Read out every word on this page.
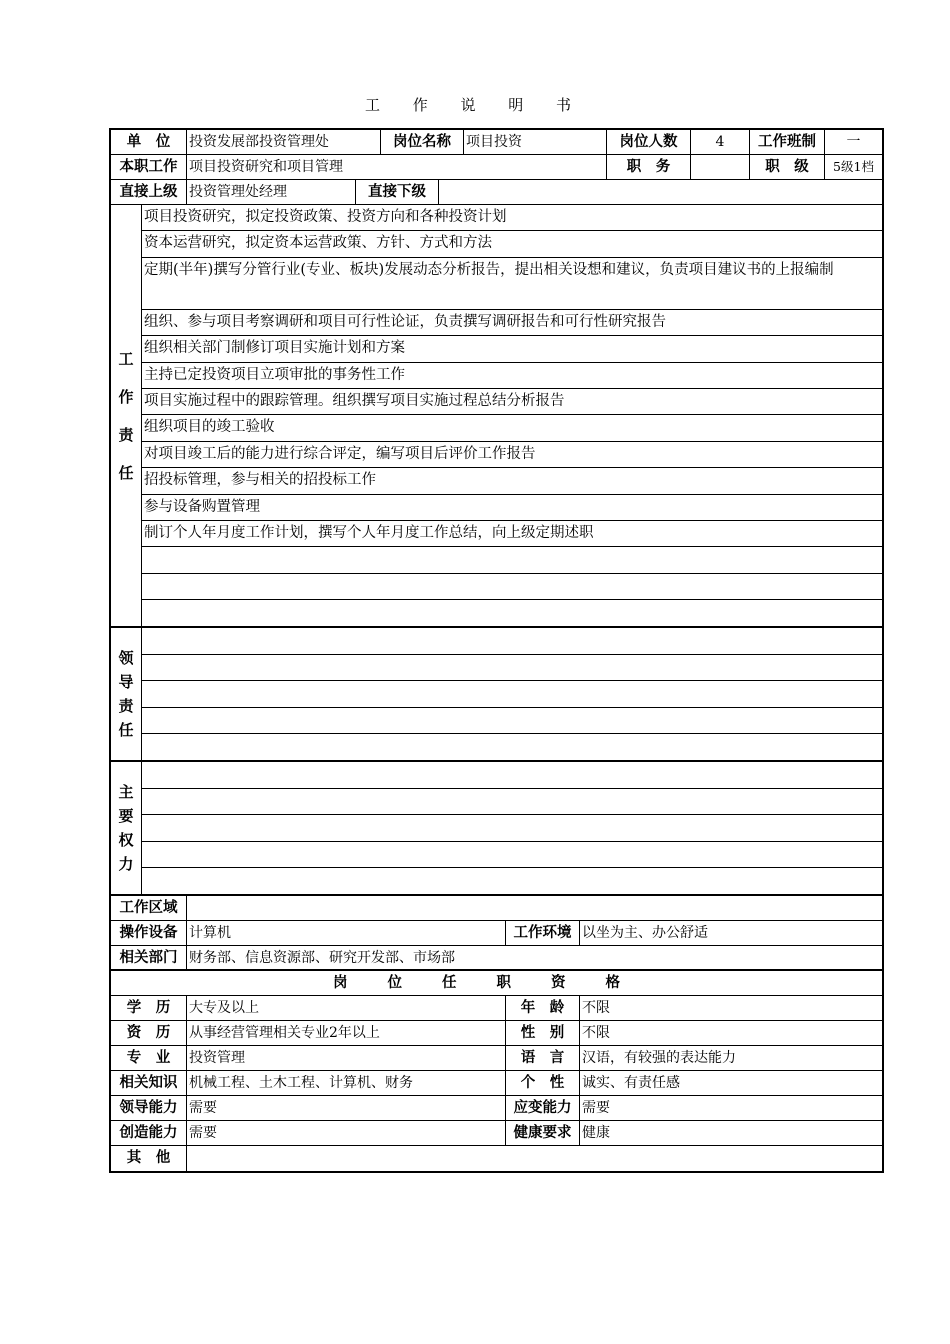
工 作 说 明 书
单　位	投资发展部投资管理处	岗位名称	项目投资	岗位人数	4	工作班制	一
本职工作 项目投资研究和项目管理	职　务	职　级	5级1档
直接上级 投资管理处经理	直接下级
工
作
责
任
项目投资研究，拟定投资政策、投资方向和各种投资计划
资本运营研究，拟定资本运营政策、方针、方式和方法
定期(半年)撰写分管行业(专业、板块)发展动态分析报告，提出相关设想和建议，负责项目建议书的上报编制
组织、参与项目考察调研和项目可行性论证，负责撰写调研报告和可行性研究报告
组织相关部门制修订项目实施计划和方案
主持已定投资项目立项审批的事务性工作
项目实施过程中的跟踪管理。组织撰写项目实施过程总结分析报告
组织项目的竣工验收
对项目竣工后的能力进行综合评定，编写项目后评价工作报告
招投标管理，参与相关的招投标工作
参与设备购置管理
制订个人年月度工作计划，撰写个人年月度工作总结，向上级定期述职
领
导
责
任
主
要
权
力
工作区域
操作设备 计算机	工作环境 以坐为主、办公舒适
相关部门 财务部、信息资源部、研究开发部、市场部
岗位任职资格
学　历	大专及以上	年　龄	不限
资　历	从事经营管理相关专业2年以上	性　别	不限
专　业	投资管理	语　言	汉语，有较强的表达能力
相关知识 机械工程、土木工程、计算机、财务	个　性	诚实、有责任感
领导能力 需要	应变能力 需要
创造能力 需要	健康要求 健康
其　他
